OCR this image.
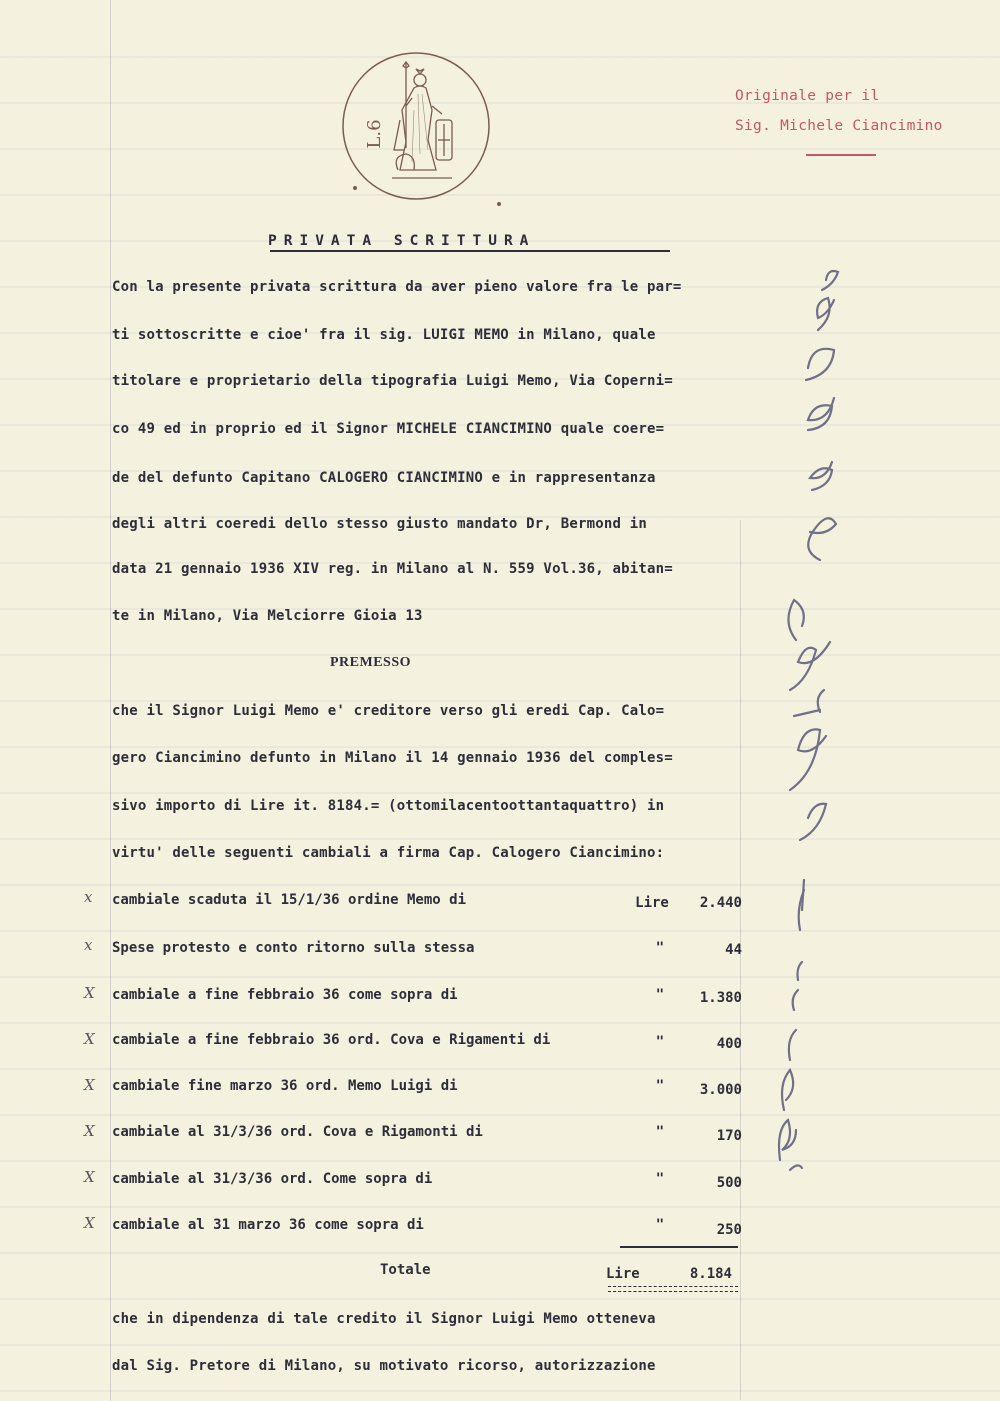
L.6
Originale per il
Sig. Michele Ciancimino
PRIVATA SCRITTURA
Con la presente privata scrittura da aver pieno valore fra le par=
ti sottoscritte e cioe' fra il sig. LUIGI MEMO in Milano, quale
titolare e proprietario della tipografia Luigi Memo, Via Coperni=
co 49 ed in proprio ed il Signor MICHELE CIANCIMINO quale coere=
de del defunto Capitano CALOGERO CIANCIMINO e in rappresentanza
degli altri coeredi dello stesso giusto mandato Dr, Bermond in
data 21 gennaio 1936 XIV reg. in Milano al N. 559 Vol.36, abitan=
te in Milano, Via Melciorre Gioia 13
PREMESSO
che il Signor Luigi Memo e' creditore verso gli eredi Cap. Calo=
gero Ciancimino defunto in Milano il 14 gennaio 1936 del comples=
sivo importo di Lire it. 8184.= (ottomilacentoottantaquattro) in
virtu' delle seguenti cambiali a firma Cap. Calogero Ciancimino:
x cambiale scaduta il 15/1/36 ordine Memo di	Lire	2.440
x Spese protesto e conto ritorno sulla stessa	"	44
X cambiale a fine febbraio 36 come sopra di	"	1.380
X cambiale a fine febbraio 36 ord. Cova e Rigamenti di	"	400
X cambiale fine marzo 36 ord. Memo Luigi di	"	3.000
X cambiale al 31/3/36 ord. Cova e Rigamonti di	"	170
X cambiale al 31/3/36 ord. Come sopra di	"	500
X cambiale al 31 marzo 36 come sopra di	"	250
Totale	Lire	8.184
che in dipendenza di tale credito il Signor Luigi Memo otteneva
dal Sig. Pretore di Milano, su motivato ricorso, autorizzazione
